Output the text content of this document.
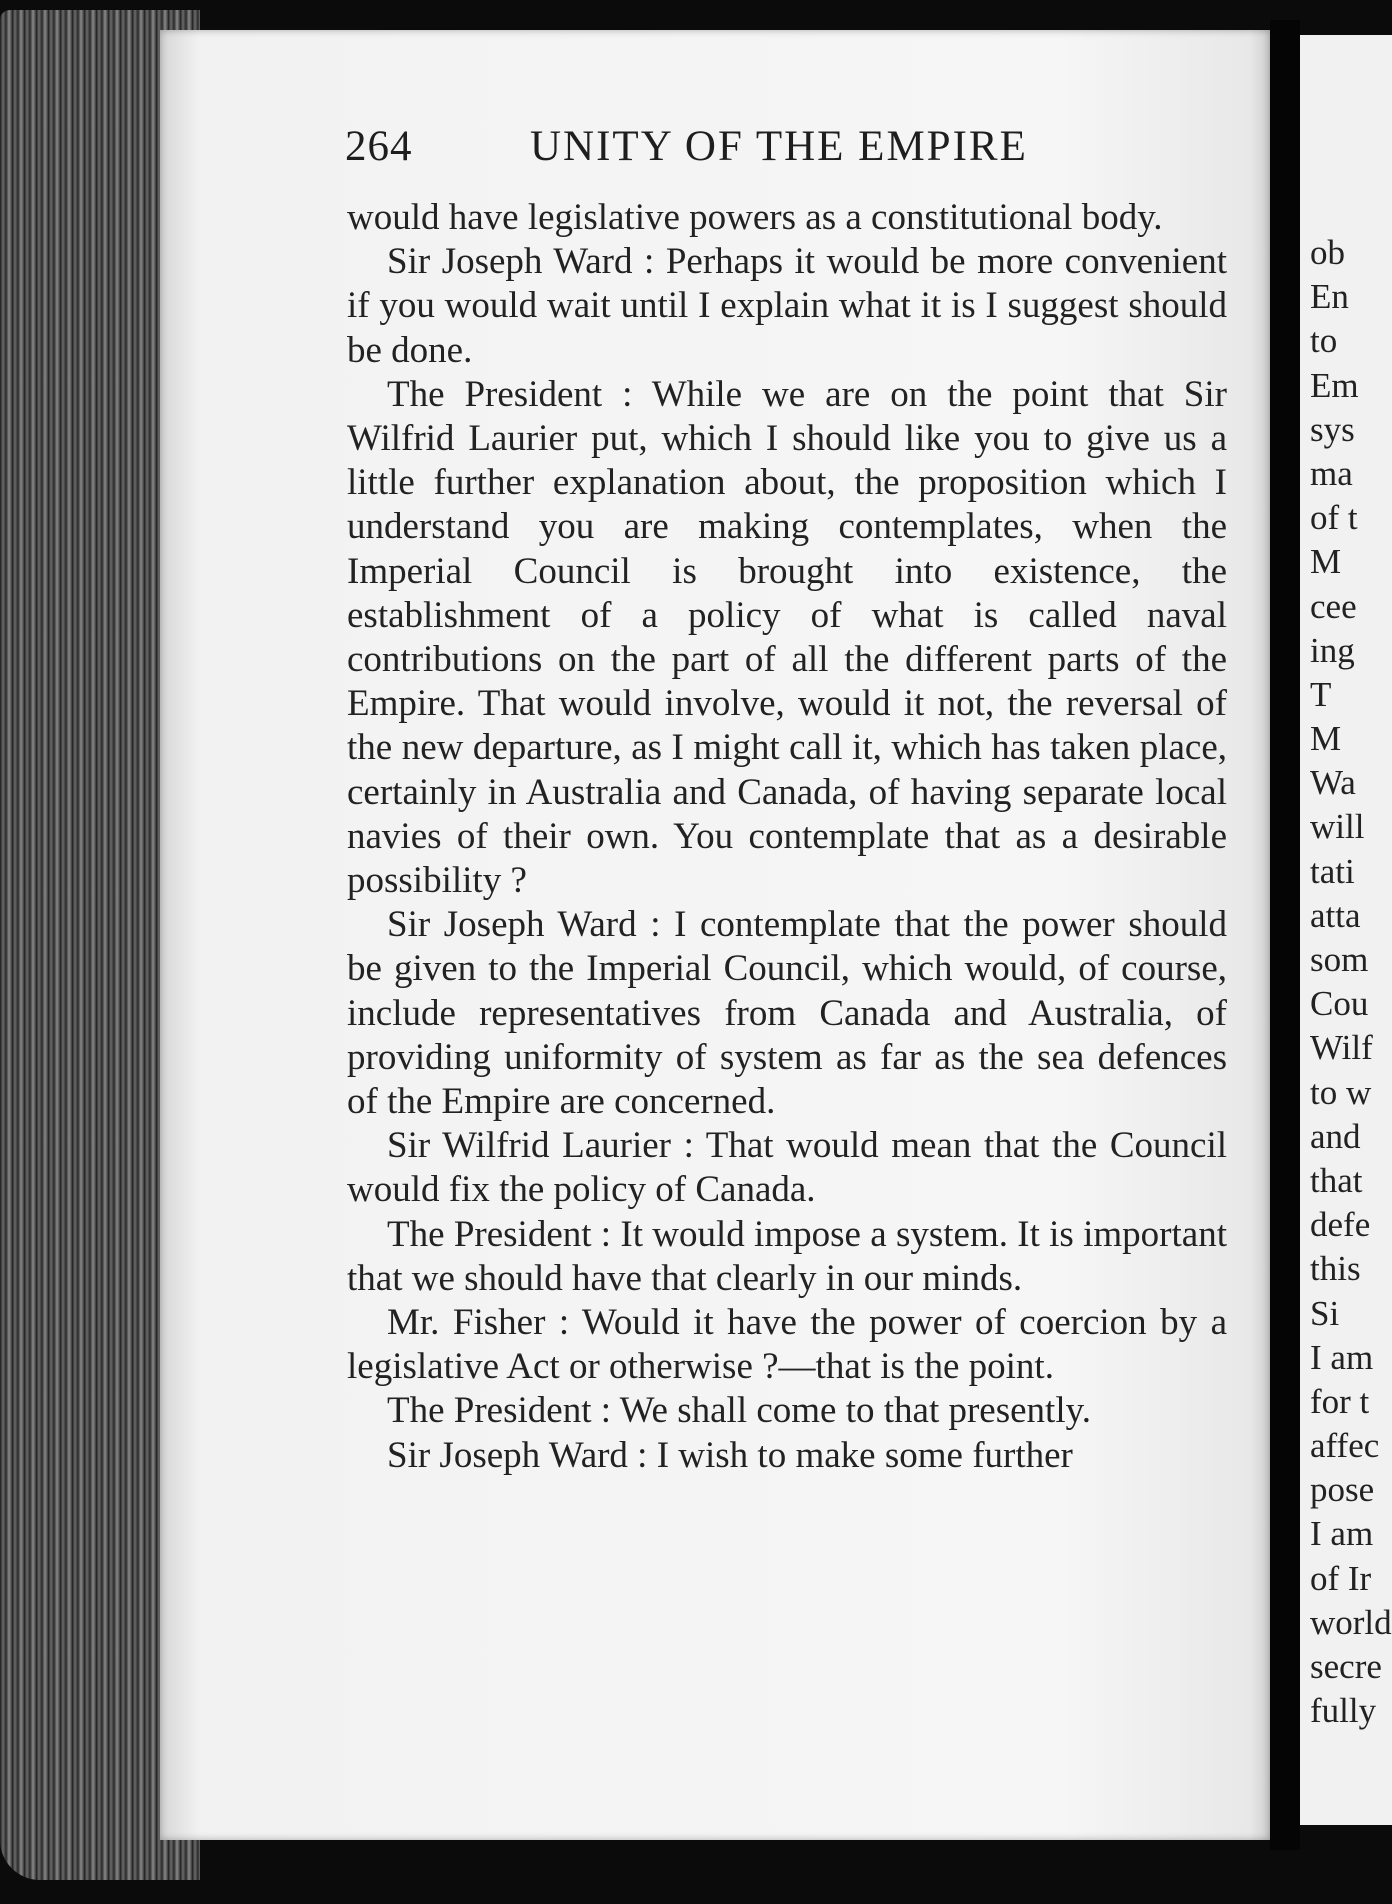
264	UNITY OF THE EMPIRE

would have legislative powers as a constitutional body.

Sir Joseph Ward : Perhaps it would be more convenient if you would wait until I explain what it is I suggest should be done.

The President : While we are on the point that Sir Wilfrid Laurier put, which I should like you to give us a little further explanation about, the proposition which I understand you are making contemplates, when the Imperial Council is brought into existence, the establishment of a policy of what is called naval contributions on the part of all the different parts of the Empire. That would involve, would it not, the reversal of the new departure, as I might call it, which has taken place, certainly in Australia and Canada, of having separate local navies of their own. You contemplate that as a desirable possibility ?

Sir Joseph Ward : I contemplate that the power should be given to the Imperial Council, which would, of course, include representatives from Canada and Australia, of providing uniformity of system as far as the sea defences of the Empire are concerned.

Sir Wilfrid Laurier : That would mean that the Council would fix the policy of Canada.

The President : It would impose a system. It is important that we should have that clearly in our minds.

Mr. Fisher : Would it have the power of coercion by a legislative Act or otherwise ?—that is the point.

The President : We shall come to that presently.

Sir Joseph Ward : I wish to make some further

ob
En
to
Em
sys
ma
of t
M
cee
ing
T
M
Wa
will
tati
atta
som
Cou
Wilf
to w
and
that
defe
this
Si
I am
for t
affec
pose
I am
of Ir
world
secre
fully
